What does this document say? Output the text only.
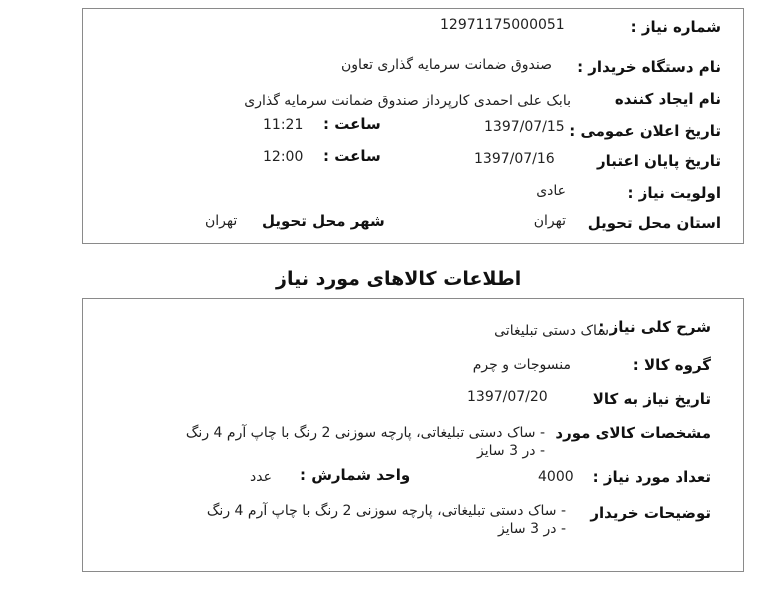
شماره نیاز :
12971175000051
نام دستگاه خریدار :
صندوق ضمانت سرمایه گذاری تعاون
نام ایجاد کننده
بابک علی احمدی کارپرداز صندوق ضمانت سرمایه گذاری
تاریخ اعلان عمومی :
1397/07/15
ساعت :
11:21
تاریخ پایان اعتبار
1397/07/16
ساعت :
12:00
اولویت نیاز :
عادی
استان محل تحویل
تهران
شهر محل تحویل
تهران
اطلاعات کالاهای مورد نیاز
شرح کلی نیاز :
ساک دستی تبلیغاتی
گروه کالا :
منسوجات و چرم
تاریخ نیاز به کالا
1397/07/20
مشخصات کالای مورد
- ساک دستی تبلیغاتی، پارچه سوزنی 2 رنگ با چاپ آرم 4 رنگ
- در 3 سایز
تعداد مورد نیاز :
4000
واحد شمارش :
عدد
توضیحات خریدار
- ساک دستی تبلیغاتی، پارچه سوزنی 2 رنگ با چاپ آرم 4 رنگ
- در 3 سایز
